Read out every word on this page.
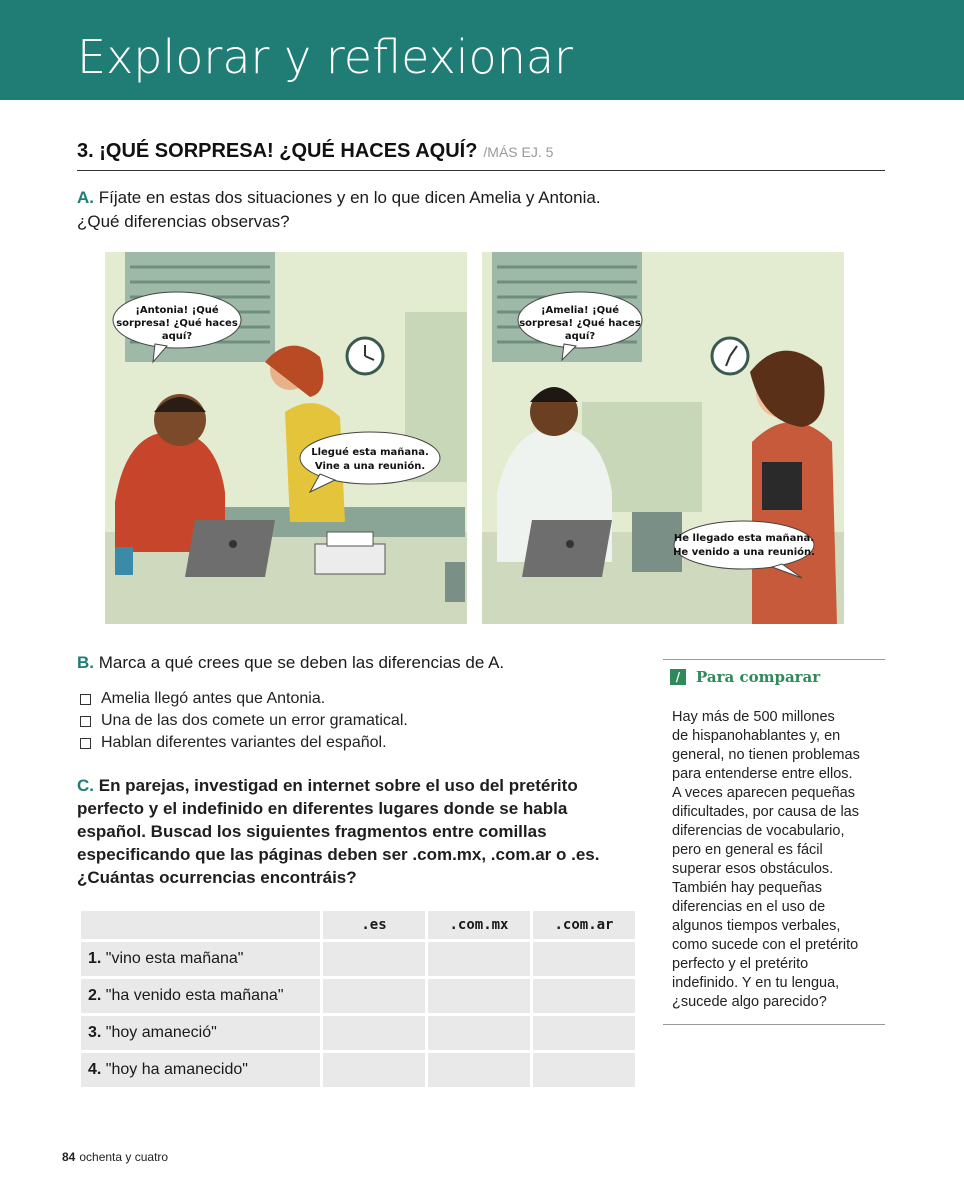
Explorar y reflexionar
3. ¡QUÉ SORPRESA! ¿QUÉ HACES AQUÍ? /MÁS EJ. 5
A. Fíjate en estas dos situaciones y en lo que dicen Amelia y Antonia.
¿Qué diferencias observas?
¡Antonia! ¡Qué
sorpresa! ¿Qué haces
aquí?
Llegué esta mañana.
Vine a una reunión.
¡Amelia! ¡Qué
sorpresa! ¿Qué haces
aquí?
He llegado esta mañana.
He venido a una reunión.
B. Marca a qué crees que se deben las diferencias de A.
Amelia llegó antes que Antonia.
Una de las dos comete un error gramatical.
Hablan diferentes variantes del español.
C. En parejas, investigad en internet sobre el uso del pretérito perfecto y el indefinido en diferentes lugares donde se habla español. Buscad los siguientes fragmentos entre comillas especificando que las páginas deben ser .com.mx, .com.ar o .es. ¿Cuántas ocurrencias encontráis?
	.es	.com.mx	.com.ar
1. "vino esta mañana"			
2. "ha venido esta mañana"			
3. "hoy amaneció"			
4. "hoy ha amanecido"			
/	Para comparar
Hay más de 500 millones
de hispanohablantes y, en
general, no tienen problemas
para entenderse entre ellos.
A veces aparecen pequeñas
dificultades, por causa de las
diferencias de vocabulario,
pero en general es fácil
superar esos obstáculos.
También hay pequeñas
diferencias en el uso de
algunos tiempos verbales,
como sucede con el pretérito
perfecto y el pretérito
indefinido. Y en tu lengua,
¿sucede algo parecido?
84 ochenta y cuatro
